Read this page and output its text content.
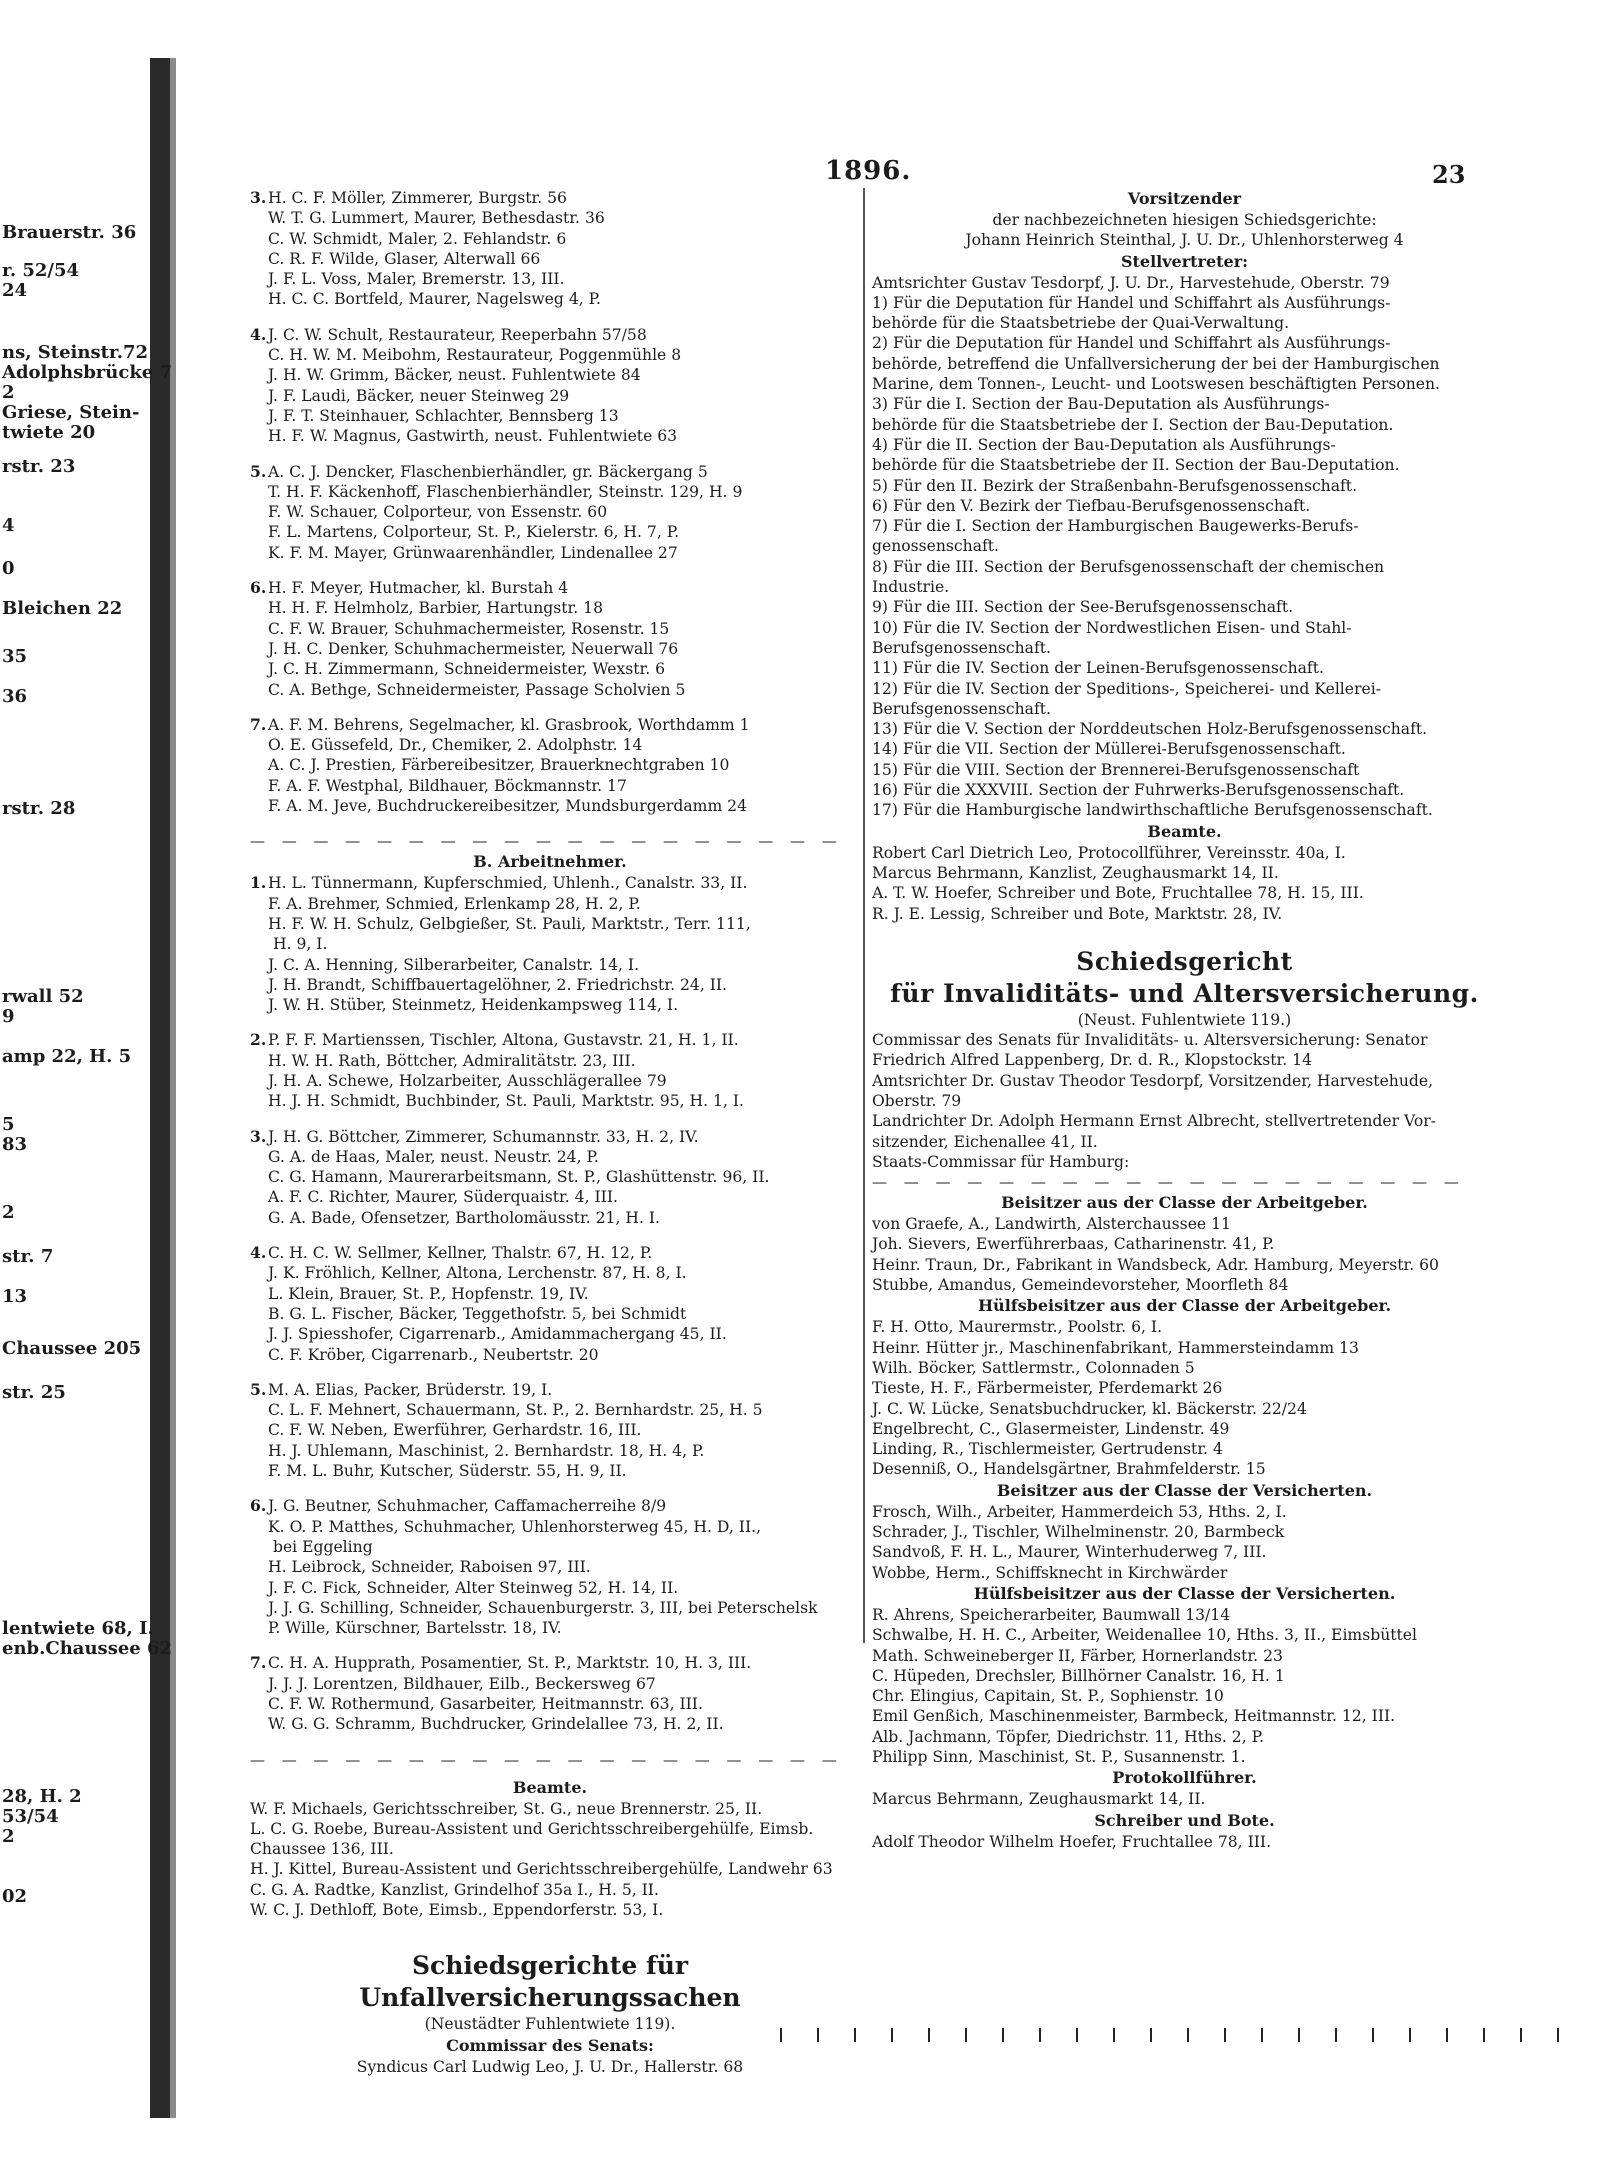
Brauerstr. 36
r. 52/54
24
ns, Steinstr.72
Adolphsbrücke 7
2
Griese, Stein-
twiete 20
rstr. 23
4
0
Bleichen 22
35
36
rstr. 28
rwall 52
9
amp 22, H. 5
5
83
2
str. 7
13
Chaussee 205
str. 25
lentwiete 68, I.
enb.Chaussee 62
28, H. 2
53/54
2
02
1896.	23
3. H. C. F. Möller, Zimmerer, Burgstr. 56
W. T. G. Lummert, Maurer, Bethesdastr. 36
C. W. Schmidt, Maler, 2. Fehlandstr. 6
C. R. F. Wilde, Glaser, Alterwall 66
J. F. L. Voss, Maler, Bremerstr. 13, III.
H. C. C. Bortfeld, Maurer, Nagelsweg 4, P.
4. J. C. W. Schult, Restaurateur, Reeperbahn 57/58
C. H. W. M. Meibohm, Restaurateur, Poggenmühle 8
J. H. W. Grimm, Bäcker, neust. Fuhlentwiete 84
J. F. Laudi, Bäcker, neuer Steinweg 29
J. F. T. Steinhauer, Schlachter, Bennsberg 13
H. F. W. Magnus, Gastwirth, neust. Fuhlentwiete 63
5. A. C. J. Dencker, Flaschenbierhändler, gr. Bäckergang 5
T. H. F. Käckenhoff, Flaschenbierhändler, Steinstr. 129, H. 9
F. W. Schauer, Colporteur, von Essenstr. 60
F. L. Martens, Colporteur, St. P., Kielerstr. 6, H. 7, P.
K. F. M. Mayer, Grünwaarenhändler, Lindenallee 27
6. H. F. Meyer, Hutmacher, kl. Burstah 4
H. H. F. Helmholz, Barbier, Hartungstr. 18
C. F. W. Brauer, Schuhmachermeister, Rosenstr. 15
J. H. C. Denker, Schuhmachermeister, Neuerwall 76
J. C. H. Zimmermann, Schneidermeister, Wexstr. 6
C. A. Bethge, Schneidermeister, Passage Scholvien 5
7. A. F. M. Behrens, Segelmacher, kl. Grasbrook, Worthdamm 1
O. E. Güssefeld, Dr., Chemiker, 2. Adolphstr. 14
A. C. J. Prestien, Färbereibesitzer, Brauerknechtgraben 10
F. A. F. Westphal, Bildhauer, Böckmannstr. 17
F. A. M. Jeve, Buchdruckereibesitzer, Mundsburgerdamm 24
— — — — — — — — — — — — — — — — — — —
B. Arbeitnehmer.
1. H. L. Tünnermann, Kupferschmied, Uhlenh., Canalstr. 33, II.
F. A. Brehmer, Schmied, Erlenkamp 28, H. 2, P.
H. F. W. H. Schulz, Gelbgießer, St. Pauli, Marktstr., Terr. 111,
H. 9, I.
J. C. A. Henning, Silberarbeiter, Canalstr. 14, I.
J. H. Brandt, Schiffbauertagelöhner, 2. Friedrichstr. 24, II.
J. W. H. Stüber, Steinmetz, Heidenkampsweg 114, I.
2. P. F. F. Martienssen, Tischler, Altona, Gustavstr. 21, H. 1, II.
H. W. H. Rath, Böttcher, Admiralitätstr. 23, III.
J. H. A. Schewe, Holzarbeiter, Ausschlägerallee 79
H. J. H. Schmidt, Buchbinder, St. Pauli, Marktstr. 95, H. 1, I.
3. J. H. G. Böttcher, Zimmerer, Schumannstr. 33, H. 2, IV.
G. A. de Haas, Maler, neust. Neustr. 24, P.
C. G. Hamann, Maurerarbeitsmann, St. P., Glashüttenstr. 96, II.
A. F. C. Richter, Maurer, Süderquaistr. 4, III.
G. A. Bade, Ofensetzer, Bartholomäusstr. 21, H. I.
4. C. H. C. W. Sellmer, Kellner, Thalstr. 67, H. 12, P.
J. K. Fröhlich, Kellner, Altona, Lerchenstr. 87, H. 8, I.
L. Klein, Brauer, St. P., Hopfenstr. 19, IV.
B. G. L. Fischer, Bäcker, Teggethofstr. 5, bei Schmidt
J. J. Spiesshofer, Cigarrenarb., Amidammachergang 45, II.
C. F. Kröber, Cigarrenarb., Neubertstr. 20
5. M. A. Elias, Packer, Brüderstr. 19, I.
C. L. F. Mehnert, Schauermann, St. P., 2. Bernhardstr. 25, H. 5
C. F. W. Neben, Ewerführer, Gerhardstr. 16, III.
H. J. Uhlemann, Maschinist, 2. Bernhardstr. 18, H. 4, P.
F. M. L. Buhr, Kutscher, Süderstr. 55, H. 9, II.
6. J. G. Beutner, Schuhmacher, Caffamacherreihe 8/9
K. O. P. Matthes, Schuhmacher, Uhlenhorsterweg 45, H. D, II.,
bei Eggeling
H. Leibrock, Schneider, Raboisen 97, III.
J. F. C. Fick, Schneider, Alter Steinweg 52, H. 14, II.
J. J. G. Schilling, Schneider, Schauenburgerstr. 3, III, bei Peterschelsk
P. Wille, Kürschner, Bartelsstr. 18, IV.
7. C. H. A. Hupprath, Posamentier, St. P., Marktstr. 10, H. 3, III.
J. J. J. Lorentzen, Bildhauer, Eilb., Beckersweg 67
C. F. W. Rothermund, Gasarbeiter, Heitmannstr. 63, III.
W. G. G. Schramm, Buchdrucker, Grindelallee 73, H. 2, II.
— — — — — — — — — — — — — — — — — — —
Beamte.
W. F. Michaels, Gerichtsschreiber, St. G., neue Brennerstr. 25, II.
L. C. G. Roebe, Bureau-Assistent und Gerichtsschreibergehülfe, Eimsb.
Chaussee 136, III.
H. J. Kittel, Bureau-Assistent und Gerichtsschreibergehülfe, Landwehr 63
C. G. A. Radtke, Kanzlist, Grindelhof 35a I., H. 5, II.
W. C. J. Dethloff, Bote, Eimsb., Eppendorferstr. 53, I.
Schiedsgerichte für Unfallversicherungssachen
(Neustädter Fuhlentwiete 119).
Commissar des Senats:
Syndicus Carl Ludwig Leo, J. U. Dr., Hallerstr. 68
Vorsitzender
der nachbezeichneten hiesigen Schiedsgerichte:
Johann Heinrich Steinthal, J. U. Dr., Uhlenhorsterweg 4
Stellvertreter:
Amtsrichter Gustav Tesdorpf, J. U. Dr., Harvestehude, Oberstr. 79
1) Für die Deputation für Handel und Schiffahrt als Ausführungs-
behörde für die Staatsbetriebe der Quai-Verwaltung.
2) Für die Deputation für Handel und Schiffahrt als Ausführungs-
behörde, betreffend die Unfallversicherung der bei der Hamburgischen
Marine, dem Tonnen-, Leucht- und Lootswesen beschäftigten Personen.
3) Für die I. Section der Bau-Deputation als Ausführungs-
behörde für die Staatsbetriebe der I. Section der Bau-Deputation.
4) Für die II. Section der Bau-Deputation als Ausführungs-
behörde für die Staatsbetriebe der II. Section der Bau-Deputation.
5) Für den II. Bezirk der Straßenbahn-Berufsgenossenschaft.
6) Für den V. Bezirk der Tiefbau-Berufsgenossenschaft.
7) Für die I. Section der Hamburgischen Baugewerks-Berufs-
genossenschaft.
8) Für die III. Section der Berufsgenossenschaft der chemischen
Industrie.
9) Für die III. Section der See-Berufsgenossenschaft.
10) Für die IV. Section der Nordwestlichen Eisen- und Stahl-
Berufsgenossenschaft.
11) Für die IV. Section der Leinen-Berufsgenossenschaft.
12) Für die IV. Section der Speditions-, Speicherei- und Kellerei-
Berufsgenossenschaft.
13) Für die V. Section der Norddeutschen Holz-Berufsgenossenschaft.
14) Für die VII. Section der Müllerei-Berufsgenossenschaft.
15) Für die VIII. Section der Brennerei-Berufsgenossenschaft
16) Für die XXXVIII. Section der Fuhrwerks-Berufsgenossenschaft.
17) Für die Hamburgische landwirthschaftliche Berufsgenossenschaft.
Beamte.
Robert Carl Dietrich Leo, Protocollführer, Vereinsstr. 40a, I.
Marcus Behrmann, Kanzlist, Zeughausmarkt 14, II.
A. T. W. Hoefer, Schreiber und Bote, Fruchtallee 78, H. 15, III.
R. J. E. Lessig, Schreiber und Bote, Marktstr. 28, IV.
Schiedsgericht
für Invaliditäts- und Altersversicherung.
(Neust. Fuhlentwiete 119.)
Commissar des Senats für Invaliditäts- u. Altersversicherung: Senator
Friedrich Alfred Lappenberg, Dr. d. R., Klopstockstr. 14
Amtsrichter Dr. Gustav Theodor Tesdorpf, Vorsitzender, Harvestehude,
Oberstr. 79
Landrichter Dr. Adolph Hermann Ernst Albrecht, stellvertretender Vor-
sitzender, Eichenallee 41, II.
Staats-Commissar für Hamburg:
— — — — — — — — — — — — — — — — — — —
Beisitzer aus der Classe der Arbeitgeber.
von Graefe, A., Landwirth, Alsterchaussee 11
Joh. Sievers, Ewerführerbaas, Catharinenstr. 41, P.
Heinr. Traun, Dr., Fabrikant in Wandsbeck, Adr. Hamburg, Meyerstr. 60
Stubbe, Amandus, Gemeindevorsteher, Moorfleth 84
Hülfsbeisitzer aus der Classe der Arbeitgeber.
F. H. Otto, Maurermstr., Poolstr. 6, I.
Heinr. Hütter jr., Maschinenfabrikant, Hammersteindamm 13
Wilh. Böcker, Sattlermstr., Colonnaden 5
Tieste, H. F., Färbermeister, Pferdemarkt 26
J. C. W. Lücke, Senatsbuchdrucker, kl. Bäckerstr. 22/24
Engelbrecht, C., Glasermeister, Lindenstr. 49
Linding, R., Tischlermeister, Gertrudenstr. 4
Desenniß, O., Handelsgärtner, Brahmfelderstr. 15
Beisitzer aus der Classe der Versicherten.
Frosch, Wilh., Arbeiter, Hammerdeich 53, Hths. 2, I.
Schrader, J., Tischler, Wilhelminenstr. 20, Barmbeck
Sandvoß, F. H. L., Maurer, Winterhuderweg 7, III.
Wobbe, Herm., Schiffsknecht in Kirchwärder
Hülfsbeisitzer aus der Classe der Versicherten.
R. Ahrens, Speicherarbeiter, Baumwall 13/14
Schwalbe, H. H. C., Arbeiter, Weidenallee 10, Hths. 3, II., Eimsbüttel
Math. Schweineberger II, Färber, Hornerlandstr. 23
C. Hüpeden, Drechsler, Billhörner Canalstr. 16, H. 1
Chr. Elingius, Capitain, St. P., Sophienstr. 10
Emil Genßich, Maschinenmeister, Barmbeck, Heitmannstr. 12, III.
Alb. Jachmann, Töpfer, Diedrichstr. 11, Hths. 2, P.
Philipp Sinn, Maschinist, St. P., Susannenstr. 1.
Protokollführer.
Marcus Behrmann, Zeughausmarkt 14, II.
Schreiber und Bote.
Adolf Theodor Wilhelm Hoefer, Fruchtallee 78, III.
